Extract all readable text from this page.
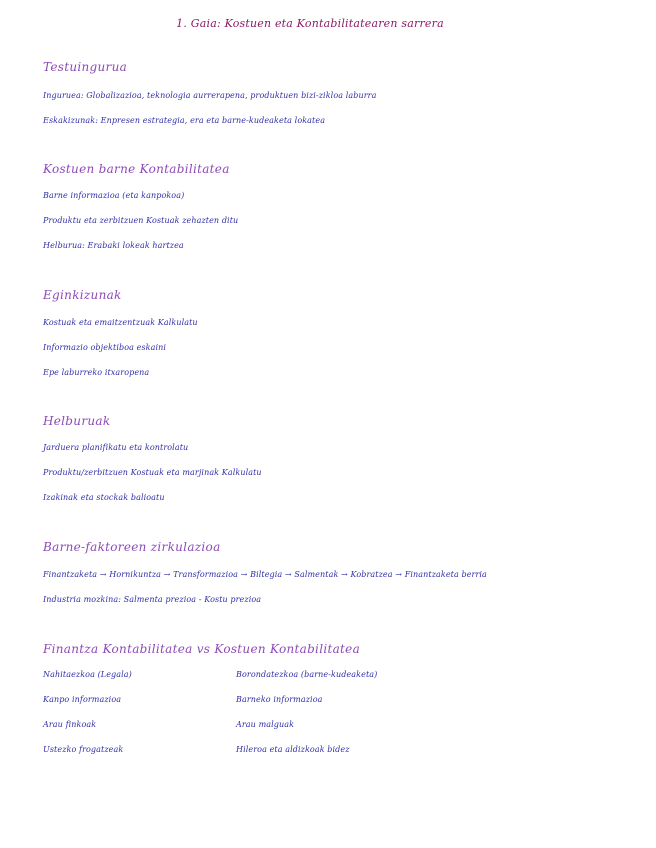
1. Gaia: Kostuen eta Kontabilitatearen sarrera
Testuingurua
Inguruea: Globalizazioa, teknologia aurrerapena, produktuen bizi-zikloa laburra
Eskakizunak: Enpresen estrategia, era eta barne-kudeaketa lokatea
Kostuen barne Kontabilitatea
Barne informazioa (eta kanpokoa)
Produktu eta zerbitzuen Kostuak zehazten ditu
Helburua: Erabaki lokeak hartzea
Eginkizunak
Kostuak eta emaitzentzuak Kalkulatu
Informazio objektiboa eskaini
Epe laburreko itxaropena
Helburuak
Jarduera planifikatu eta kontrolatu
Produktu/zerbitzuen Kostuak eta marjinak Kalkulatu
Izakinak eta stockak balioatu
Barne-faktoreen zirkulazioa
Finantzaketa → Hornikuntza → Transformazioa → Biltegia → Salmentak → Kobratzea → Finantzaketa berria
Industria mozkina: Salmenta prezioa - Kostu prezioa
Finantza Kontabilitatea vs Kostuen Kontabilitatea
Nahitaezkoa (Legala)	Borondatezkoa (barne-kudeaketa)
Kanpo informazioa	Barneko informazioa
Arau finkoak	Arau malguak
Ustezko frogatzeak	Hileroa eta aldizkoak bidez
